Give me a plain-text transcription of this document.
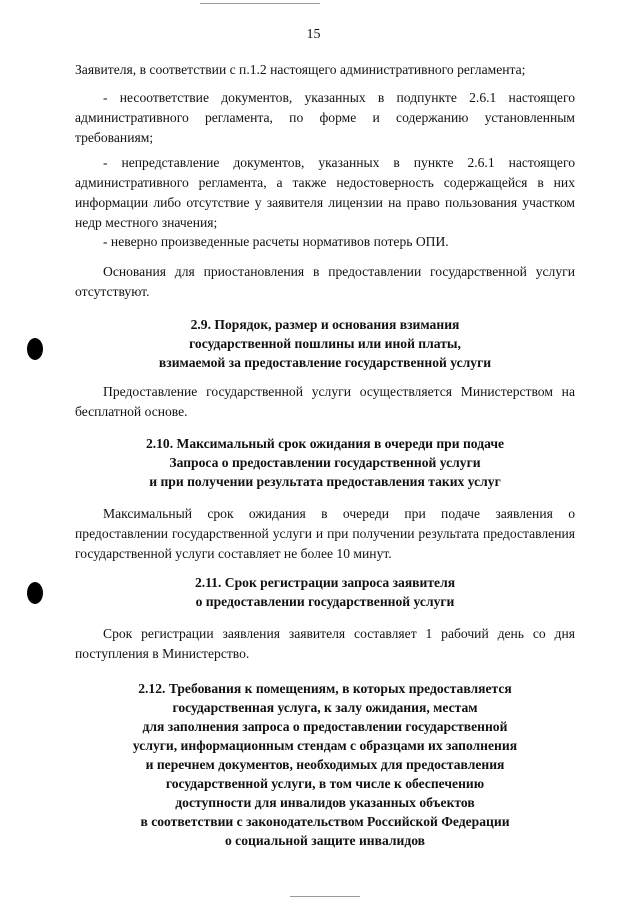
15

Заявителя, в соответствии с п.1.2 настоящего административного регламента;

- несоответствие документов, указанных в подпункте 2.6.1 настоящего административного регламента, по форме и содержанию установленным требованиям;

- непредставление документов, указанных в пункте 2.6.1 настоящего административного регламента, а также недостоверность содержащейся в них информации либо отсутствие у заявителя лицензии на право пользования участком недр местного значения;

- неверно произведенные расчеты нормативов потерь ОПИ.

Основания для приостановления в предоставлении государственной услуги отсутствуют.

2.9. Порядок, размер и основания взимания
государственной пошлины или иной платы,
взимаемой за предоставление государственной услуги

Предоставление государственной услуги осуществляется Министерством на бесплатной основе.

2.10. Максимальный срок ожидания в очереди при подаче
Запроса о предоставлении государственной услуги
и при получении результата предоставления таких услуг

Максимальный срок ожидания в очереди при подаче заявления о предоставлении государственной услуги и при получении результата предоставления государственной услуги составляет не более 10 минут.

2.11. Срок регистрации запроса заявителя
о предоставлении государственной услуги

Срок регистрации заявления заявителя составляет 1 рабочий день со дня поступления в Министерство.

2.12. Требования к помещениям, в которых предоставляется
государственная услуга, к залу ожидания, местам
для заполнения запроса о предоставлении государственной
услуги, информационным стендам с образцами их заполнения
и перечнем документов, необходимых для предоставления
государственной услуги, в том числе к обеспечению
доступности для инвалидов указанных объектов
в соответствии с законодательством Российской Федерации
о социальной защите инвалидов
